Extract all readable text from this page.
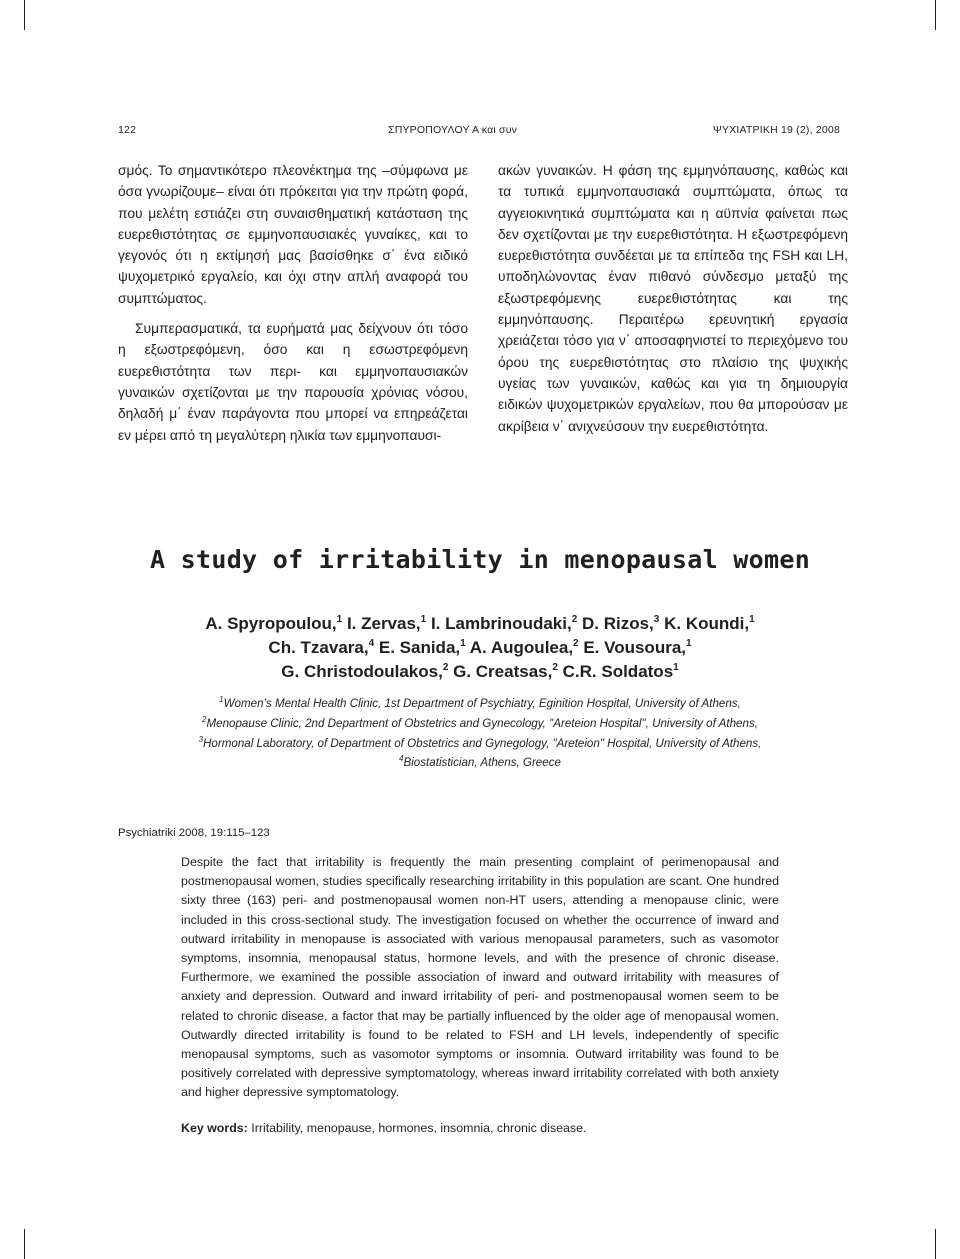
122	ΣΠΥΡΟΠΟΥΛΟΥ Α και συν	ΨΥΧΙΑΤΡΙΚΗ 19 (2), 2008

σμός. Το σημαντικότερο πλεονέκτημα της –σύμφωνα με όσα γνωρίζουμε– είναι ότι πρόκειται για την πρώτη φορά, που μελέτη εστιάζει στη συναισθηματική κατάσταση της ευερεθιστότητας σε εμμηνοπαυσιακές γυναίκες, και το γεγονός ότι η εκτίμησή μας βασίσθηκε σ΄ ένα ειδικό ψυχομετρικό εργαλείο, και όχι στην απλή αναφορά του συμπτώματος.

Συμπερασματικά, τα ευρήματά μας δείχνουν ότι τόσο η εξωστρεφόμενη, όσο και η εσωστρεφόμενη ευερεθιστότητα των περι- και εμμηνοπαυσιακών γυναικών σχετίζονται με την παρουσία χρόνιας νόσου, δηλαδή μ΄ έναν παράγοντα που μπορεί να επηρεάζεται εν μέρει από τη μεγαλύτερη ηλικία των εμμηνοπαυσι-

ακών γυναικών. Η φάση της εμμηνόπαυσης, καθώς και τα τυπικά εμμηνοπαυσιακά συμπτώματα, όπως τα αγγειοκινητικά συμπτώματα και η αϋπνία φαίνεται πως δεν σχετίζονται με την ευερεθιστότητα. Η εξωστρεφόμενη ευερεθιστότητα συνδέεται με τα επίπεδα της FSH και LH, υποδηλώνοντας έναν πιθανό σύνδεσμο μεταξύ της εξωστρεφόμενης ευερεθιστότητας και της εμμηνόπαυσης. Περαιτέρω ερευνητική εργασία χρειάζεται τόσο για ν΄ αποσαφηνιστεί το περιεχόμενο του όρου της ευερεθιστότητας στο πλαίσιο της ψυχικής υγείας των γυναικών, καθώς και για τη δημιουργία ειδικών ψυχομετρικών εργαλείων, που θα μπορούσαν με ακρίβεια ν΄ ανιχνεύσουν την ευερεθιστότητα.

A study of irritability in menopausal women
A. Spyropoulou,$^1$ I. Zervas,$^1$ I. Lambrinoudaki,$^2$ D. Rizos,$^3$ K. Koundi,$^1$
Ch. Tzavara,$^4$ E. Sanida,$^1$ A. Augoulea,$^2$ E. Vousoura,$^1$
G. Christodoulakos,$^2$ G. Creatsas,$^2$ C.R. Soldatos$^1$
$^1$Women’s Mental Health Clinic, 1st Department of Psychiatry, Eginition Hospital, University of Athens,
$^2$Menopause Clinic, 2nd Department of Obstetrics and Gynecology, "Areteion Hospital", University of Athens,
$^3$Hormonal Laboratory, of Department of Obstetrics and Gynegology, "Areteion" Hospital, University of Athens,
$^4$Biostatistician, Athens, Greece
Psychiatriki 2008, 19:115–123
Despite the fact that irritability is frequently the main presenting complaint of perimenopausal and postmenopausal women, studies specifically researching irritability in this population are scant. One hundred sixty three (163) peri- and postmenopausal women non-HT users, attending a menopause clinic, were included in this cross-sectional study. The investigation focused on whether the occurrence of inward and outward irritability in menopause is associated with various menopausal parameters, such as vasomotor symptoms, insomnia, menopausal status, hormone levels, and with the presence of chronic disease. Furthermore, we examined the possible association of inward and outward irritability with measures of anxiety and depression. Outward and inward irritability of peri- and postmenopausal women seem to be related to chronic disease, a factor that may be partially influenced by the older age of menopausal women. Outwardly directed irritability is found to be related to FSH and LH levels, independently of specific menopausal symptoms, such as vasomotor symptoms or insomnia. Outward irritability was found to be positively correlated with depressive symptomatology, whereas inward irritability correlated with both anxiety and higher depressive symptomatology.
Key words: Irritability, menopause, hormones, insomnia, chronic disease.
